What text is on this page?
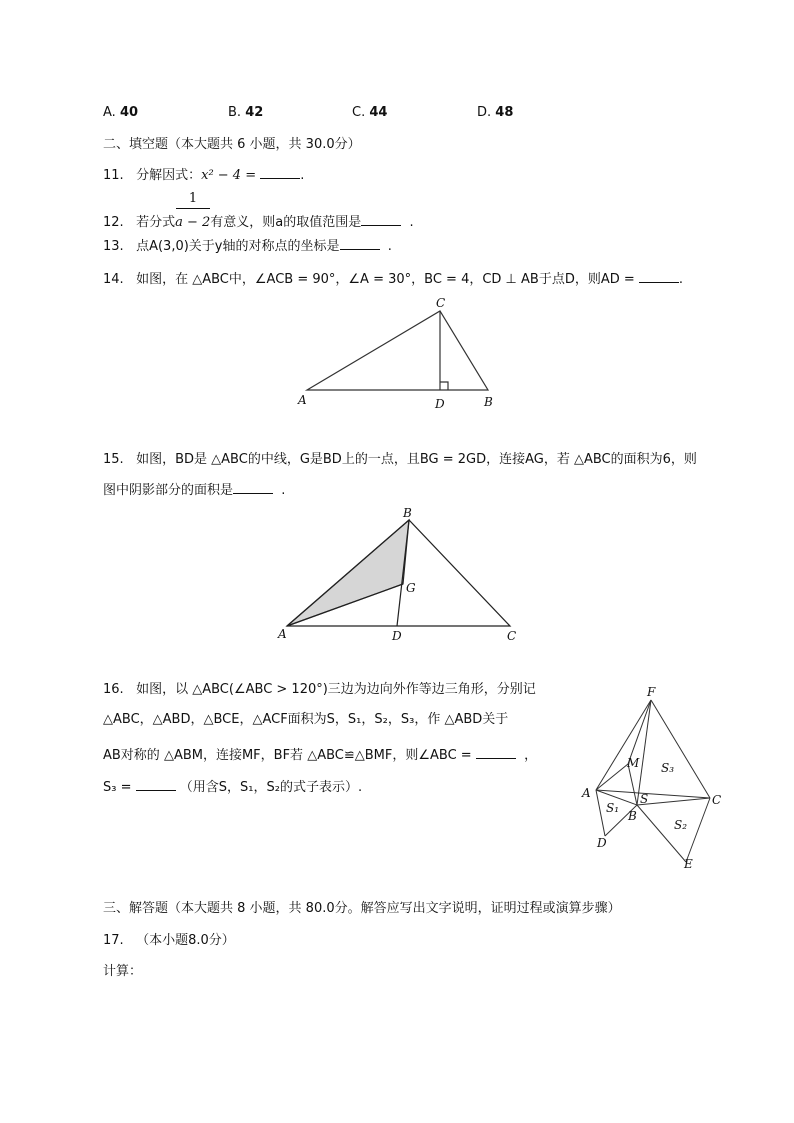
A. 40	B. 42	C. 44	D. 48
二、填空题（本大题共 6 小题，共 30.0分）
11. 分解因式：x² − 4 =	.
1
12. 若分式a − 2有意义，则a的取值范围是	.
13. 点A(3,0)关于y轴的对称点的坐标是	.
14. 如图，在 △ABC中，∠ACB = 90°，∠A = 30°，BC = 4，CD ⊥ AB于点D，则AD =	.
A
C
D	B
B
G
A	D	C
F
M S₃
A	S	C
S₁
B
S₂
D
E
15. 如图，BD是 △ABC的中线，G是BD上的一点，且BG = 2GD，连接AG，若 △ABC的面积为6，则
图中阴影部分的面积是	.
16. 如图，以 △ABC(∠ABC > 120°)三边为边向外作等边三角形，分别记
△ABC，△ABD，△BCE，△ACF面积为S，S₁，S₂，S₃，作 △ABD关于
AB对称的 △ABM，连接MF，BF若 △ABC≌△BMF，则∠ABC =	，
S₃ =	（用含S，S₁，S₂的式子表示）.
三、解答题（本大题共 8 小题，共 80.0分。解答应写出文字说明，证明过程或演算步骤）
17. （本小题8.0分）
计算：
